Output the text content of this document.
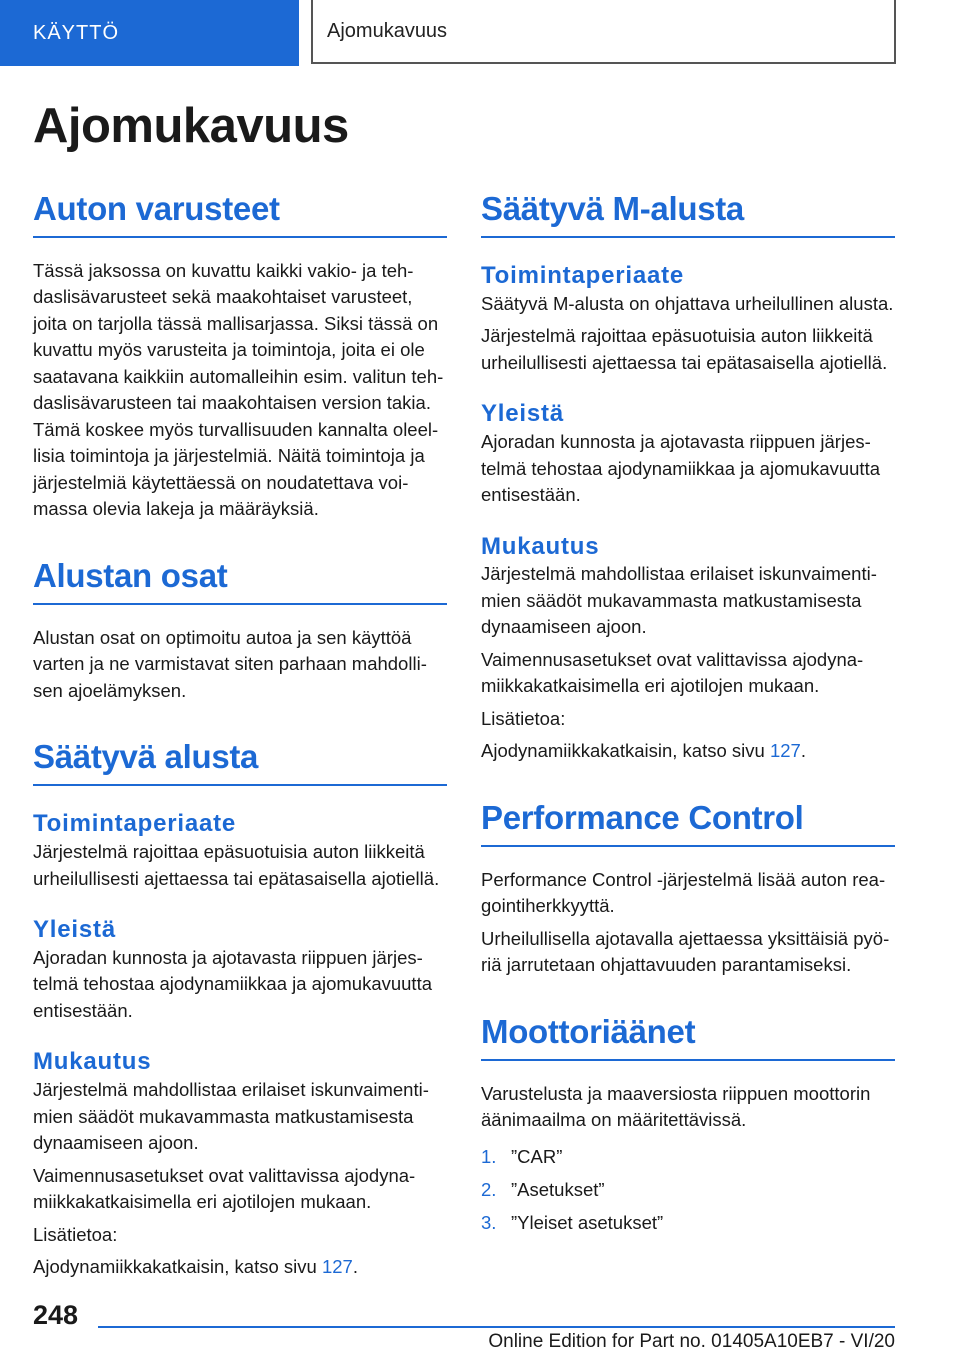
KÄYTTÖ	Ajomukavuus
Ajomukavuus
Auton varusteet

Tässä jaksossa on kuvattu kaikki vakio- ja tehdaslisävarusteet sekä maakohtaiset varusteet, joita on tarjolla tässä mallisarjassa. Siksi tässä on kuvattu myös varusteita ja toimintoja, joita ei ole saatavana kaikkiin automalleihin esim. valitun tehdaslisävarusteen tai maakohtaisen version takia. Tämä koskee myös turvallisuuden kannalta oleellisia toimintoja ja järjestelmiä. Näitä toimintoja ja järjestelmiä käytettäessä on noudatettava voimassa olevia lakeja ja määräyksiä.

Alustan osat

Alustan osat on optimoitu autoa ja sen käyttöä varten ja ne varmistavat siten parhaan mahdollisen ajoelämyksen.

Säätyvä alusta
Toimintaperiaate

Järjestelmä rajoittaa epäsuotuisia auton liikkeitä urheilullisesti ajettaessa tai epätasaisella ajotiellä.

Yleistä

Ajoradan kunnosta ja ajotavasta riippuen järjestelmä tehostaa ajodynamiikkaa ja ajomukavuutta entisestään.

Mukautus

Järjestelmä mahdollistaa erilaiset iskunvaimentimien säädöt mukavammasta matkustamisesta dynaamiseen ajoon.

Vaimennusasetukset ovat valittavissa ajodynamiikkakatkaisimella eri ajotilojen mukaan.

Lisätietoa:

Ajodynamiikkakatkaisin, katso sivu 127.

Säätyvä M-alusta
Toimintaperiaate

Säätyvä M-alusta on ohjattava urheilullinen alusta.

Järjestelmä rajoittaa epäsuotuisia auton liikkeitä urheilullisesti ajettaessa tai epätasaisella ajotiellä.

Yleistä

Ajoradan kunnosta ja ajotavasta riippuen järjestelmä tehostaa ajodynamiikkaa ja ajomukavuutta entisestään.

Mukautus

Järjestelmä mahdollistaa erilaiset iskunvaimentimien säädöt mukavammasta matkustamisesta dynaamiseen ajoon.

Vaimennusasetukset ovat valittavissa ajodynamiikkakatkaisimella eri ajotilojen mukaan.

Lisätietoa:

Ajodynamiikkakatkaisin, katso sivu 127.

Performance Control

Performance Control -järjestelmä lisää auton reagointiherkkyyttä.

Urheilullisella ajotavalla ajettaessa yksittäisiä pyöriä jarrutetaan ohjattavuuden parantamiseksi.

Moottoriäänet

Varustelusta ja maaversiosta riippuen moottorin äänimaailma on määritettävissä.

1. ”CAR”
2. ”Asetukset”
3. ”Yleiset asetukset”
248
Online Edition for Part no. 01405A10EB7 - VI/20
